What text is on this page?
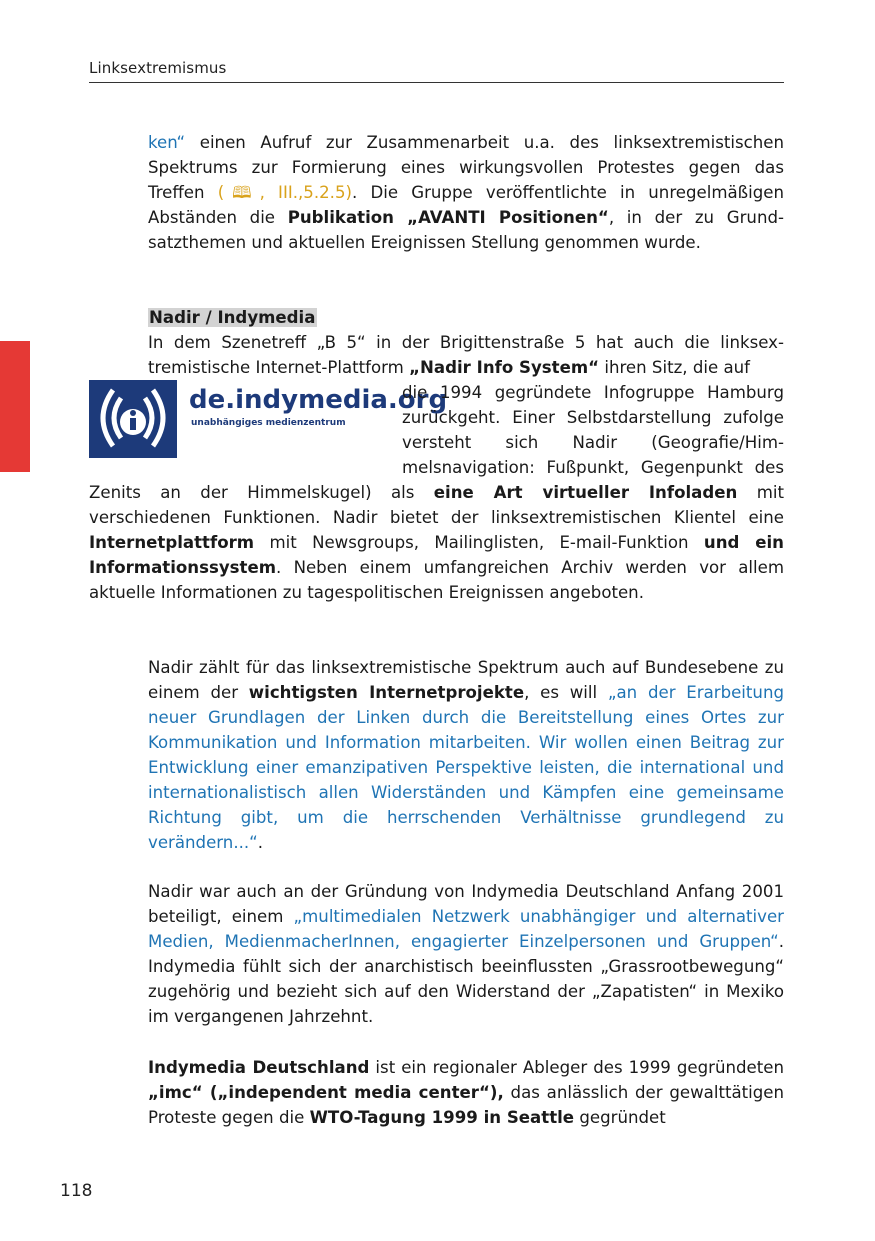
Linksextremismus
ken“ einen Aufruf zur Zusammenarbeit u.a. des linksextremistischen Spektrums zur Formierung eines wirkungsvollen Protestes gegen das Treffen (🕮, III.,5.2.5). Die Gruppe veröffentlichte in unregelmäßigen Abständen die Publikation „AVANTI Positionen“, in der zu Grundsatzthemen und aktuellen Ereignissen Stellung genommen wurde.
Nadir / Indymedia
In dem Szenetreff „B 5“ in der Brigittenstraße 5 hat auch die linksextremistische Internet-Plattform „Nadir Info System“ ihren Sitz, die auf
de.indymedia.org
unabhängiges medienzentrum
die 1994 gegründete Infogruppe Hamburg zurückgeht. Einer Selbstdarstellung zufolge versteht sich Nadir (Geografie/Himmelsnavigation: Fußpunkt, Gegenpunkt des Zenits an der Himmelskugel) als eine Art virtueller Infoladen mit verschiedenen Funktionen. Nadir bietet der linksextremistischen Klientel eine Internetplattform mit Newsgroups, Mailinglisten, E-mail-Funktion und ein Informationssystem. Neben einem umfangreichen Archiv werden vor allem aktuelle Informationen zu tagespolitischen Ereignissen angeboten.
Nadir zählt für das linksextremistische Spektrum auch auf Bundesebene zu einem der wichtigsten Internetprojekte, es will „an der Erarbeitung neuer Grundlagen der Linken durch die Bereitstellung eines Ortes zur Kommunikation und Information mitarbeiten. Wir wollen einen Beitrag zur Entwicklung einer emanzipativen Perspektive leisten, die international und internationalistisch allen Widerständen und Kämpfen eine gemeinsame Richtung gibt, um die herrschenden Verhältnisse grundlegend zu verändern...“.
Nadir war auch an der Gründung von Indymedia Deutschland Anfang 2001 beteiligt, einem „multimedialen Netzwerk unabhängiger und alternativer Medien, MedienmacherInnen, engagierter Einzelpersonen und Gruppen“. Indymedia fühlt sich der anarchistisch beeinflussten „Grassrootbewegung“ zugehörig und bezieht sich auf den Widerstand der „Zapatisten“ in Mexiko im vergangenen Jahrzehnt.
Indymedia Deutschland ist ein regionaler Ableger des 1999 gegründeten „imc“ („independent media center“), das anlässlich der gewalttätigen Proteste gegen die WTO-Tagung 1999 in Seattle gegründet
118
